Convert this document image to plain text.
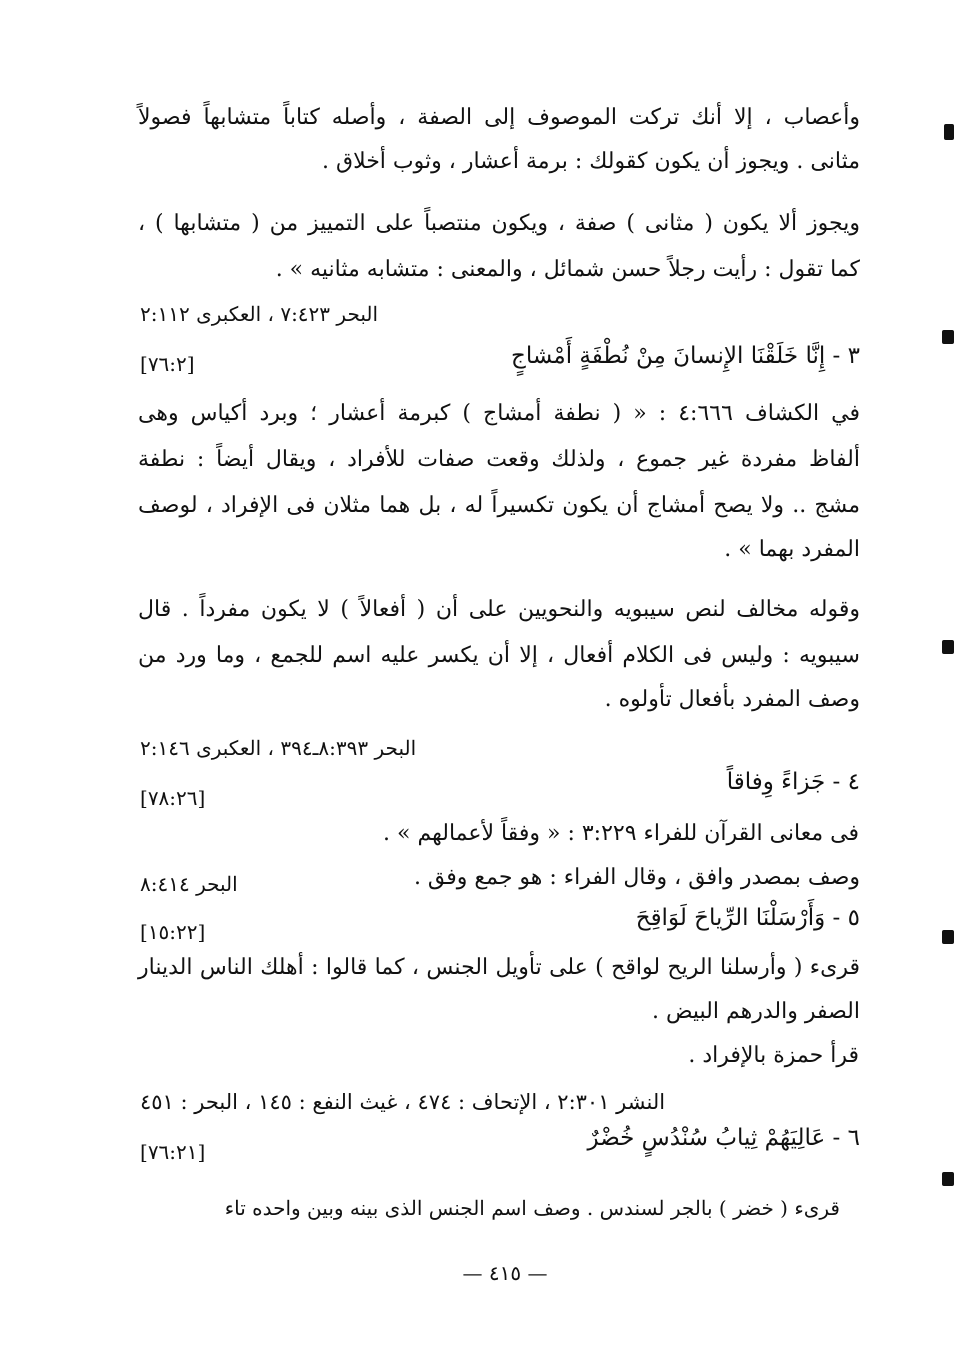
وأعصاب ، إلا أنك تركت الموصوف إلى الصفة ، وأصله كتاباً متشابهاً فصولاً
مثانى . ويجوز أن يكون كقولك : برمة أعشار ، وثوب أخلاق .
ويجوز ألا يكون ( مثانى ) صفة ، ويكون منتصباً على التمييز من ( متشابها ) ،
كما تقول : رأيت رجلاً حسن شمائل ، والمعنى : متشابه مثانيه » .
البحر ٧:٤٢٣ ، العكبرى ٢:١١٢
٣ - إِنَّا خَلَقْنَا الإِنسانَ مِنْ نُطْفَةٍ أَمْشاجٍ
[٧٦:٢]
في الكشاف ٤:٦٦٦ : « ( نطفة أمشاج ) كبرمة أعشار ؛ وبرد أكياس وهى
ألفاظ مفردة غير جموع ، ولذلك وقعت صفات للأفراد ، ويقال أيضاً : نطفة
مشج .. ولا يصح أمشاج أن يكون تكسيراً له ، بل هما مثلان فى الإفراد ، لوصف
المفرد بهما » .
وقوله مخالف لنص سيبويه والنحويين على أن ( أفعالاً ) لا يكون مفرداً . قال
سيبويه : وليس فى الكلام أفعال ، إلا أن يكسر عليه اسم للجمع ، وما ورد من
وصف المفرد بأفعال تأولوه .
البحر ٨:٣٩٣ـ٣٩٤ ، العكبرى ٢:١٤٦
٤ - جَزاءً وِفاقاً
[٧٨:٢٦]
فى معانى القرآن للفراء ٣:٢٢٩ : « وفقاً لأعمالهم » .
وصف بمصدر وافق ، وقال الفراء : هو جمع وفق .
البحر ٨:٤١٤
٥ - وَأَرْسَلْنَا الرِّياحَ لَوَاقِحَ
[١٥:٢٢]
قرىء ( وأرسلنا الريح لواقح ) على تأويل الجنس ، كما قالوا : أهلك الناس الدينار
الصفر والدرهم البيض .
قرأ حمزة بالإفراد .
النشر ٢:٣٠١ ، الإتحاف : ٤٧٤ ، غيث النفع : ١٤٥ ، البحر : ٤٥١
٦ - عَالِيَهُمْ ثِيابُ سُنْدُسٍ خُضْرٌ
[٧٦:٢١]
قرىء ( خضر ) بالجر لسندس . وصف اسم الجنس الذى بينه وبين واحده تاء
— ٤١٥ —
